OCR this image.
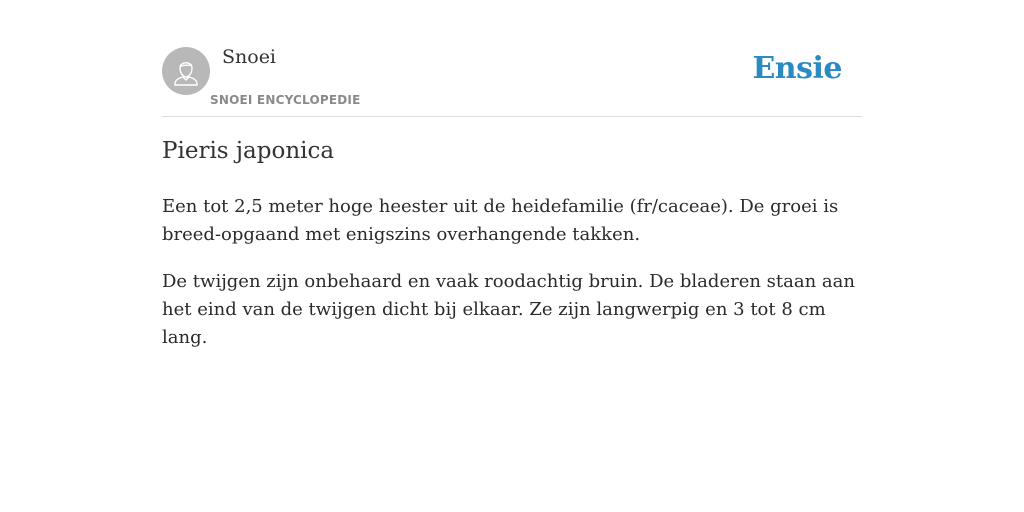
Snoei
SNOEI ENCYCLOPEDIE
Ensie
Pieris japonica

Een tot 2,5 meter hoge heester uit de heidefamilie (fr/caceae). De groei is breed-opgaand met enigszins overhangende takken.

De twijgen zijn onbehaard en vaak roodachtig bruin. De bladeren staan aan het eind van de twijgen dicht bij elkaar. Ze zijn langwerpig en 3 tot 8 cm lang.
